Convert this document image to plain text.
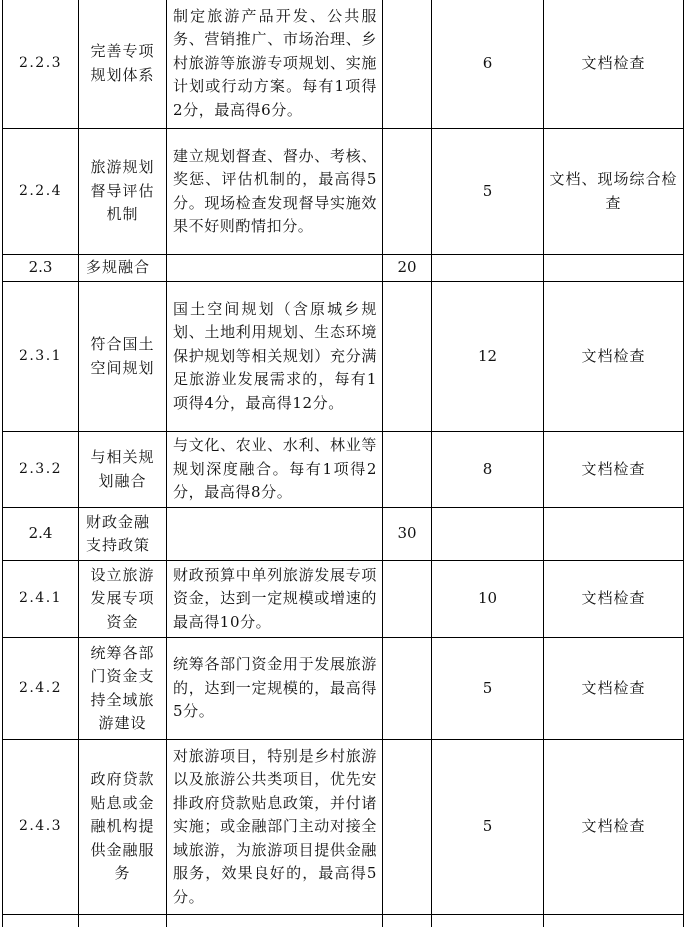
2.2.3	完善专项规划体系	制定旅游产品开发、公共服务、营销推广、市场治理、乡村旅游等旅游专项规划、实施计划或行动方案。每有1项得2分，最高得6分。		6	文档检查
2.2.4	旅游规划督导评估机制	建立规划督查、督办、考核、奖惩、评估机制的，最高得5分。现场检查发现督导实施效果不好则酌情扣分。		5	文档、现场综合检查
2.3	多规融合		20		
2.3.1	符合国土空间规划	国土空间规划（含原城乡规划、土地利用规划、生态环境保护规划等相关规划）充分满足旅游业发展需求的，每有1项得4分，最高得12分。		12	文档检查
2.3.2	与相关规划融合	与文化、农业、水利、林业等规划深度融合。每有1项得2分，最高得8分。		8	文档检查
2.4	财政金融支持政策		30		
2.4.1	设立旅游发展专项资金	财政预算中单列旅游发展专项资金，达到一定规模或增速的最高得10分。		10	文档检查
2.4.2	统筹各部门资金支持全域旅游建设	统筹各部门资金用于发展旅游的，达到一定规模的，最高得5分。		5	文档检查
2.4.3	政府贷款贴息或金融机构提供金融服务	对旅游项目，特别是乡村旅游以及旅游公共类项目，优先安排政府贷款贴息政策，并付诸实施；或金融部门主动对接全域旅游，为旅游项目提供金融服务，效果良好的，最高得5分。		5	文档检查
